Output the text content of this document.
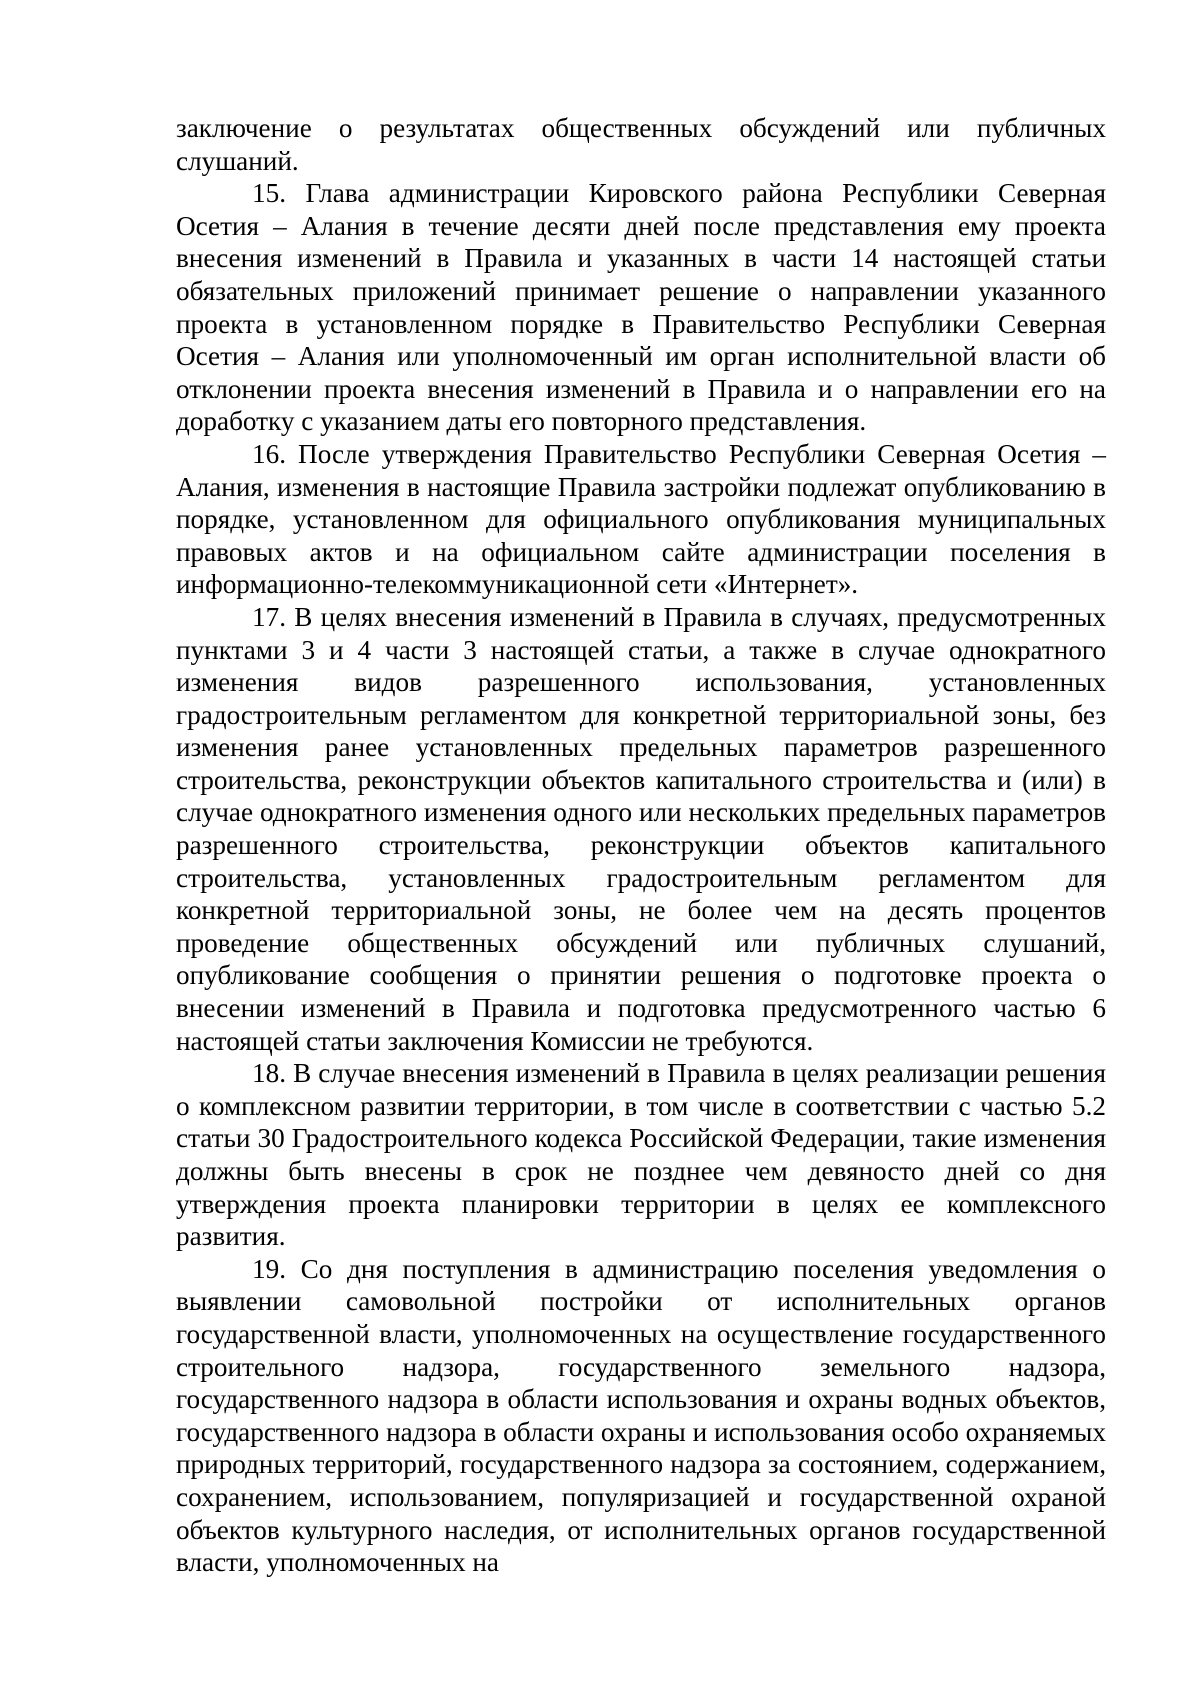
заключение о результатах общественных обсуждений или публичных слушаний.

15. Глава администрации Кировского района Республики Северная Осетия – Алания в течение десяти дней после представления ему проекта внесения изменений в Правила и указанных в части 14 настоящей статьи обязательных приложений принимает решение о направлении указанного проекта в установленном порядке в Правительство Республики Северная Осетия – Алания или уполномоченный им орган исполнительной власти об отклонении проекта внесения изменений в Правила и о направлении его на доработку с указанием даты его повторного представления.

16. После утверждения Правительство Республики Северная Осетия – Алания, изменения в настоящие Правила застройки подлежат опубликованию в порядке, установленном для официального опубликования муниципальных правовых актов и на официальном сайте администрации поселения в информационно-телекоммуникационной сети «Интернет».

17. В целях внесения изменений в Правила в случаях, предусмотренных пунктами 3 и 4 части 3 настоящей статьи, а также в случае однократного изменения видов разрешенного использования, установленных градостроительным регламентом для конкретной территориальной зоны, без изменения ранее установленных предельных параметров разрешенного строительства, реконструкции объектов капитального строительства и (или) в случае однократного изменения одного или нескольких предельных параметров разрешенного строительства, реконструкции объектов капитального строительства, установленных градостроительным регламентом для конкретной территориальной зоны, не более чем на десять процентов проведение общественных обсуждений или публичных слушаний, опубликование сообщения о принятии решения о подготовке проекта о внесении изменений в Правила и подготовка предусмотренного частью 6 настоящей статьи заключения Комиссии не требуются.

18. В случае внесения изменений в Правила в целях реализации решения о комплексном развитии территории, в том числе в соответствии с частью 5.2 статьи 30 Градостроительного кодекса Российской Федерации, такие изменения должны быть внесены в срок не позднее чем девяносто дней со дня утверждения проекта планировки территории в целях ее комплексного развития.

19. Со дня поступления в администрацию поселения уведомления о выявлении самовольной постройки от исполнительных органов государственной власти, уполномоченных на осуществление государственного строительного надзора, государственного земельного надзора, государственного надзора в области использования и охраны водных объектов, государственного надзора в области охраны и использования особо охраняемых природных территорий, государственного надзора за состоянием, содержанием, сохранением, использованием, популяризацией и государственной охраной объектов культурного наследия, от исполнительных органов государственной власти, уполномоченных на
